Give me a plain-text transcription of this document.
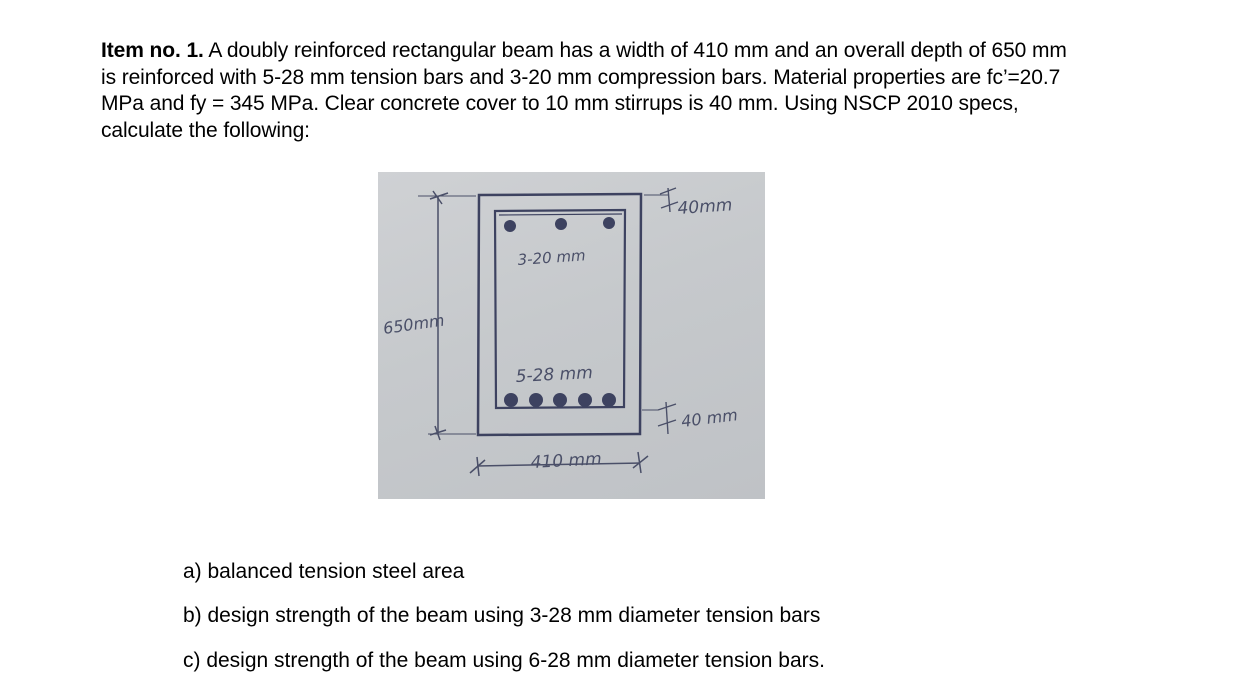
Item no. 1. A doubly reinforced rectangular beam has a width of 410 mm and an overall depth of 650 mm
is reinforced with 5-28 mm tension bars and 3-20 mm compression bars. Material properties are fc’=20.7
MPa and fy = 345 MPa. Clear concrete cover to 10 mm stirrups is 40 mm. Using NSCP 2010 specs,
calculate the following:
40mm
3-20 mm
650mm
5-28 mm
40 mm
410 mm
a) balanced tension steel area
b) design strength of the beam using 3-28 mm diameter tension bars
c) design strength of the beam using 6-28 mm diameter tension bars.
